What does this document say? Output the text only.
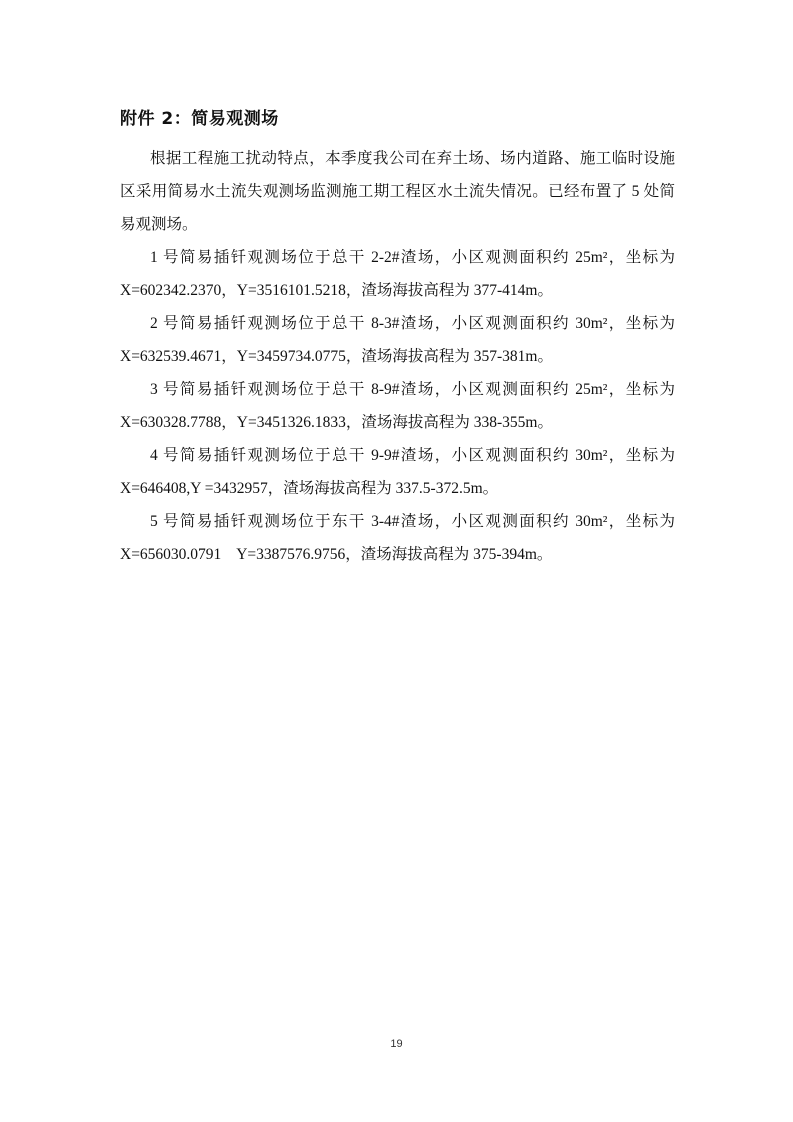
附件 2：简易观测场
根据工程施工扰动特点，本季度我公司在弃土场、场内道路、施工临时设施
区采用简易水土流失观测场监测施工期工程区水土流失情况。已经布置了 5 处简
易观测场。
1 号简易插钎观测场位于总干 2-2#渣场，小区观测面积约 25m²，坐标为
X=602342.2370，Y=3516101.5218，渣场海拔高程为 377-414m。
2 号简易插钎观测场位于总干 8-3#渣场，小区观测面积约 30m²，坐标为
X=632539.4671，Y=3459734.0775，渣场海拔高程为 357-381m。
3 号简易插钎观测场位于总干 8-9#渣场，小区观测面积约 25m²，坐标为
X=630328.7788，Y=3451326.1833，渣场海拔高程为 338-355m。
4 号简易插钎观测场位于总干 9-9#渣场，小区观测面积约 30m²，坐标为
X=646408,Y =3432957，渣场海拔高程为 337.5-372.5m。
5 号简易插钎观测场位于东干 3-4#渣场，小区观测面积约 30m²，坐标为
X=656030.0791    Y=3387576.9756，渣场海拔高程为 375-394m。
19
